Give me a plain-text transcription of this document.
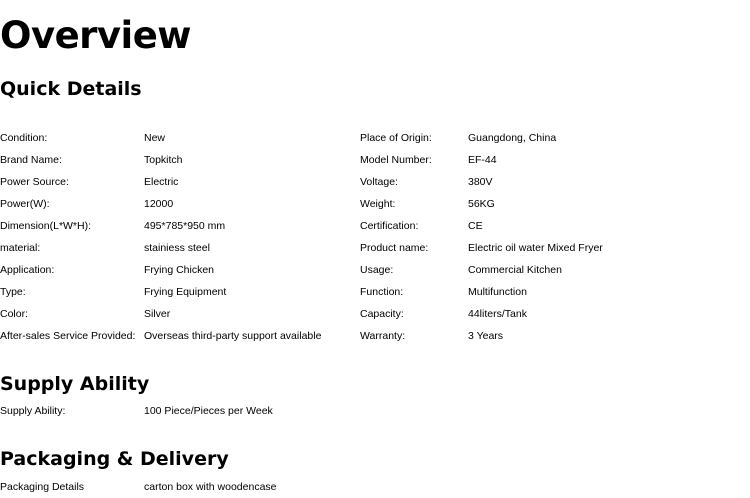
Overview
Quick Details
Condition:	New	Place of Origin:	Guangdong, China
Brand Name:	Topkitch	Model Number:	EF-44
Power Source:	Electric	Voltage:	380V
Power(W):	12000	Weight:	56KG
Dimension(L*W*H):	495*785*950 mm	Certification:	CE
material:	stainiess steel	Product name:	Electric oil water Mixed Fryer
Application:	Frying Chicken	Usage:	Commercial Kitchen
Type:	Frying Equipment	Function:	Multifunction
Color:	Silver	Capacity:	44liters/Tank
After-sales Service Provided: Overseas third-party support available	Warranty:	3 Years
Supply Ability
Supply Ability:	100 Piece/Pieces per Week
Packaging & Delivery
Packaging Details	carton box with woodencase
